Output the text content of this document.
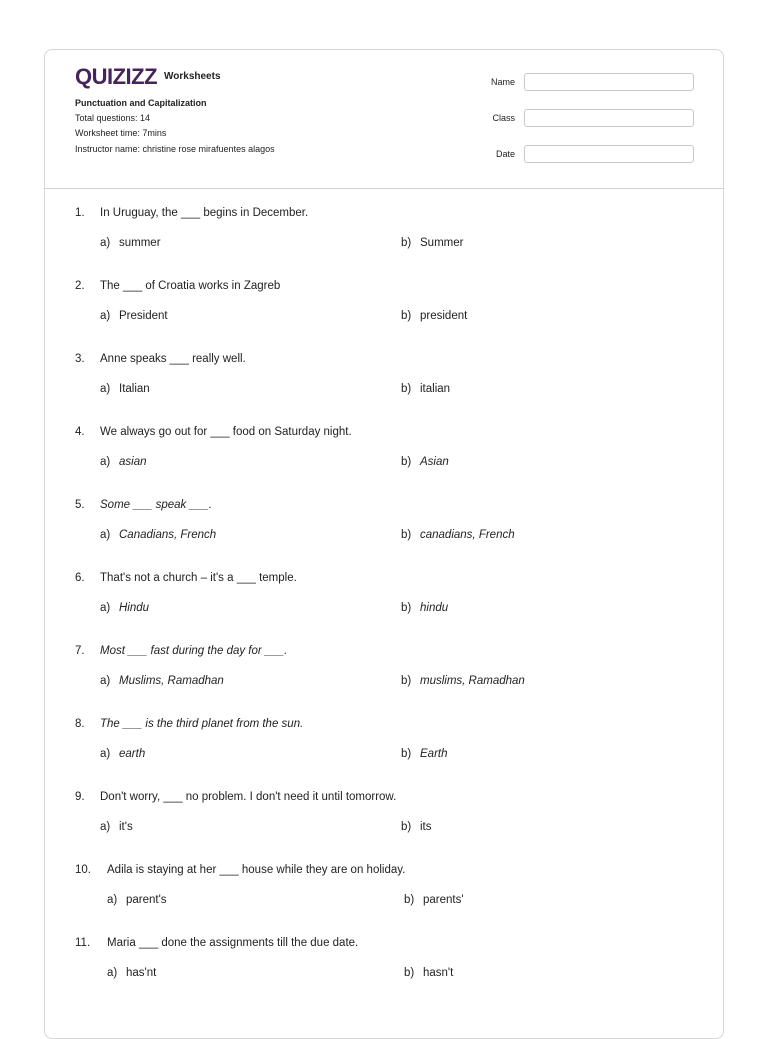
QUIZIZZ Worksheets
Punctuation and Capitalization
Total questions: 14
Worksheet time: 7mins
Instructor name: christine rose mirafuentes alagos
Name
Class
Date
1. In Uruguay, the ___ begins in December.
a) summer	b) Summer
2. The ___ of Croatia works in Zagreb
a) President	b) president
3. Anne speaks ___ really well.
a) Italian	b) italian
4. We always go out for ___ food on Saturday night.
a) asian	b) Asian
5. Some ___ speak ___.
a) Canadians, French	b) canadians, French
6. That's not a church – it's a ___ temple.
a) Hindu	b) hindu
7. Most ___ fast during the day for ___.
a) Muslims, Ramadhan	b) muslims, Ramadhan
8. The ___ is the third planet from the sun.
a) earth	b) Earth
9. Don't worry, ___ no problem. I don't need it until tomorrow.
a) it's	b) its
10. Adila is staying at her ___ house while they are on holiday.
a) parent's	b) parents'
11. Maria ___ done the assignments till the due date.
a) has'nt	b) hasn't
